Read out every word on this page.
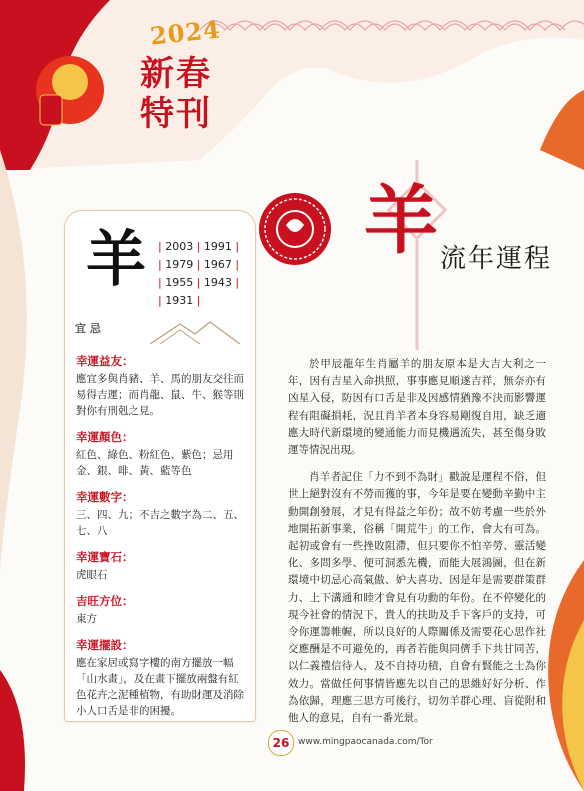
2024
新春
特刊
羊 流年運程
羊 | 2003 | 1991 |
| 1979 | 1967 |
| 1955 | 1943 |
| 1931 |
宜 忌
幸運益友：
應宜多與肖豬、羊、馬的朋友交往而易得吉運；而肖龍、鼠、牛、猴等則對你有刑剋之見。
幸運顏色：
紅色、綠色、粉紅色、紫色；忌用金、銀、啡、黃、藍等色
幸運數字：
三、四、九；不吉之數字為二、五、七、八
幸運寶石：
虎眼石
吉旺方位：
東方
幸運擺設：
應在家居或寫字樓的南方擺放一幅「山水畫」，及在畫下擺放兩盤有紅色花卉之泥種植物，有助財運及消除小人口舌是非的困擾。

於甲辰龍年生肖屬羊的朋友原本是大吉大利之一年，因有吉星入命拱照，事事應見順遂吉祥，無奈亦有凶星入侵，防因有口舌是非及因感情猶豫不決而影響運程有阻礙損耗，況且肖羊者本身容易剛復自用，缺乏適應大時代新環境的變通能力而見機遇流失，甚至傷身敗運等情況出現。

肖羊者記住「力不到不為財」戳說是運程不俗，但世上絕對沒有不勞而獲的事，今年是要在變動辛勤中主動開創發展，才見有得益之年份；故不妨考慮一些於外地開拓新事業，俗稱「開荒牛」的工作，會大有可為。起初或會有一些挫敗阻滯，但只要你不怕辛勞、靈活變化、多問多學、便可洞悉先機，而能大展鴻圖，但在新環境中切忌心高氣傲、妒大喜功、因是年是需要群策群力、上下溝通和睦才會見有功勳的年份。在不停變化的現今社會的情況下，貴人的扶助及手下客戶的支持，可令你運籌帷幄，所以良好的人際關係及需要花心思作社交應酬是不可避免的，再者若能與同儕手下共甘同苦，以仁義禮信待人，及不自持功積，自會有賢能之士為你效力。當做任何事情皆應先以自己的思維好好分析、作為依歸，理應三思方可後行，切勿羊群心理、盲從附和他人的意見，自有一番光景。

26 www.mingpaocanada.com/Tor
